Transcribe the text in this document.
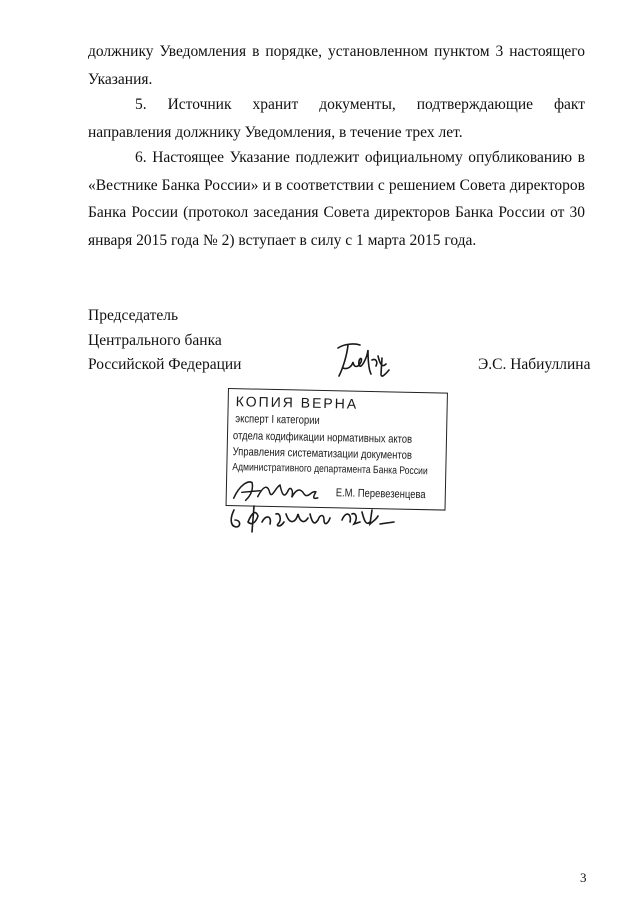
должнику Уведомления в порядке, установленном пунктом 3 настоящего Указания.

5. Источник хранит документы, подтверждающие факт направления должнику Уведомления, в течение трех лет.

6. Настоящее Указание подлежит официальному опубликованию в «Вестнике Банка России» и в соответствии с решением Совета директоров Банка России (протокол заседания Совета директоров Банка России от 30 января 2015 года № 2) вступает в силу с 1 марта 2015 года.

Председатель
Центрального банка
Российской Федерации	Э.С. Набиуллина
КОПИЯ ВЕРНА
эксперт I категории
отдела кодификации нормативных актов
Управления систематизации документов
Административного департамента Банка России
Е.М. Перевезенцева
3
